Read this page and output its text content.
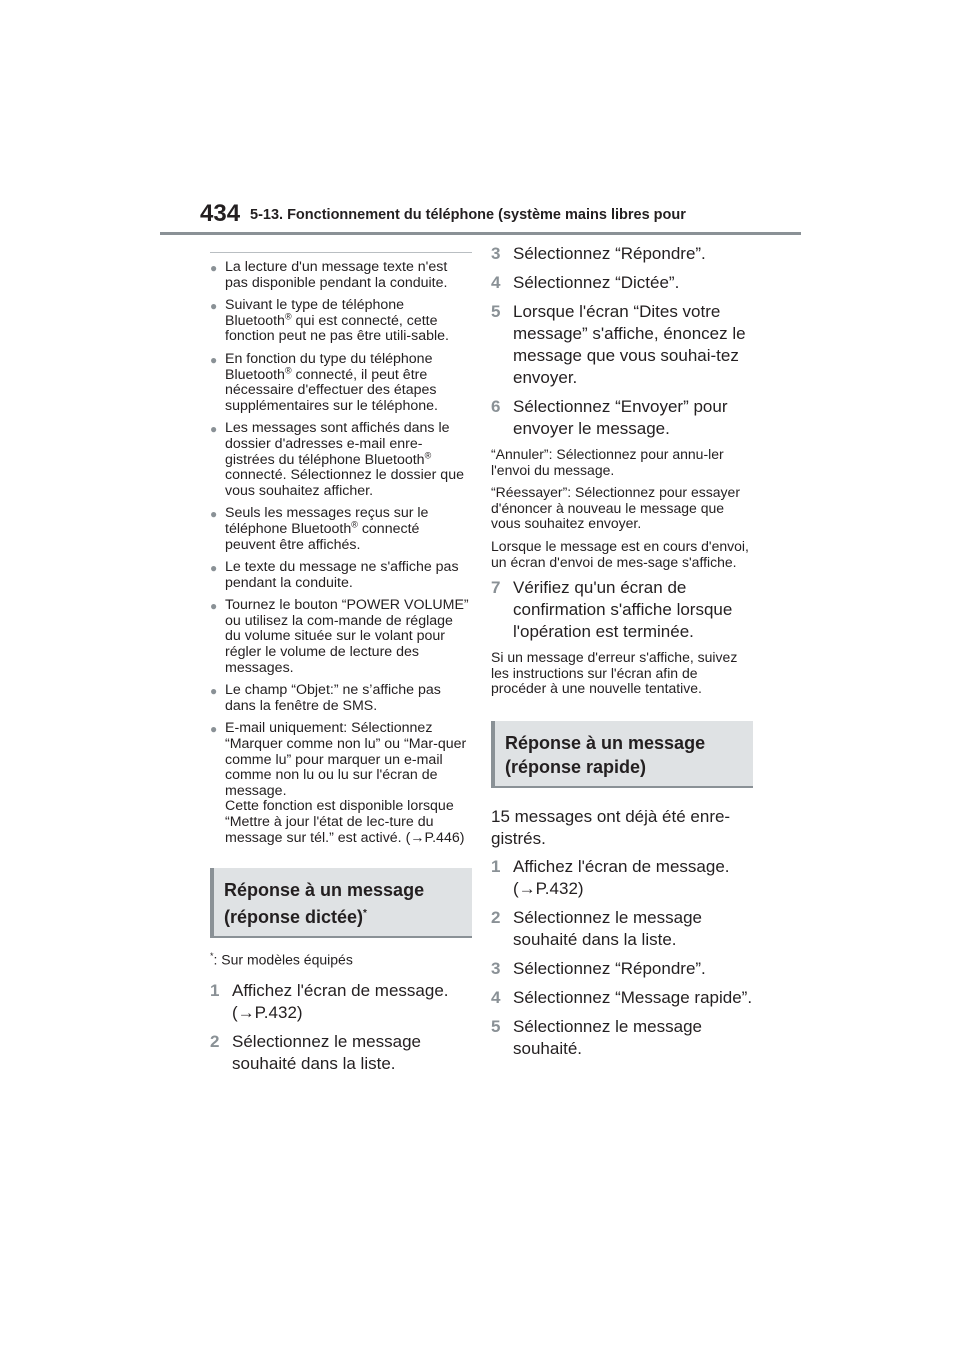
434 5-13. Fonctionnement du téléphone (système mains libres pour
● La lecture d'un message texte n'est pas disponible pendant la conduite.
● Suivant le type de téléphone Bluetooth® qui est connecté, cette fonction peut ne pas être utili-sable.
● En fonction du type du téléphone Bluetooth® connecté, il peut être nécessaire d'effectuer des étapes supplémentaires sur le téléphone.
● Les messages sont affichés dans le dossier d'adresses e-mail enre-gistrées du téléphone Bluetooth® connecté. Sélectionnez le dossier que vous souhaitez afficher.
● Seuls les messages reçus sur le téléphone Bluetooth® connecté peuvent être affichés.
● Le texte du message ne s'affiche pas pendant la conduite.
● Tournez le bouton “POWER VOLUME” ou utilisez la com-mande de réglage du volume située sur le volant pour régler le volume de lecture des messages.
● Le champ “Objet:” ne s’affiche pas dans la fenêtre de SMS.
● E-mail uniquement: Sélectionnez “Marquer comme non lu” ou “Mar-quer comme lu” pour marquer un e-mail comme non lu ou lu sur l'écran de message.
Cette fonction est disponible lorsque “Mettre à jour l'état de lec-ture du message sur tél.” est activé. (→P.446)
Réponse à un message
(réponse dictée)*
*: Sur modèles équipés
1 Affichez l'écran de message.
(→P.432)
2 Sélectionnez le message souhaité dans la liste.
3 Sélectionnez “Répondre”.
4 Sélectionnez “Dictée”.
5 Lorsque l'écran “Dites votre message” s'affiche, énoncez le message que vous souhai-tez envoyer.
6 Sélectionnez “Envoyer” pour envoyer le message.
“Annuler”: Sélectionnez pour annu-ler l'envoi du message.
“Réessayer”: Sélectionnez pour essayer d'énoncer à nouveau le message que vous souhaitez envoyer.
Lorsque le message est en cours d'envoi, un écran d'envoi de mes-sage s'affiche.
7 Vérifiez qu'un écran de confirmation s'affiche lorsque l'opération est terminée.
Si un message d'erreur s'affiche, suivez les instructions sur l'écran afin de procéder à une nouvelle tentative.
Réponse à un message
(réponse rapide)
15 messages ont déjà été enre-gistrés.
1 Affichez l'écran de message.
(→P.432)
2 Sélectionnez le message souhaité dans la liste.
3 Sélectionnez “Répondre”.
4 Sélectionnez “Message rapide”.
5 Sélectionnez le message souhaité.
